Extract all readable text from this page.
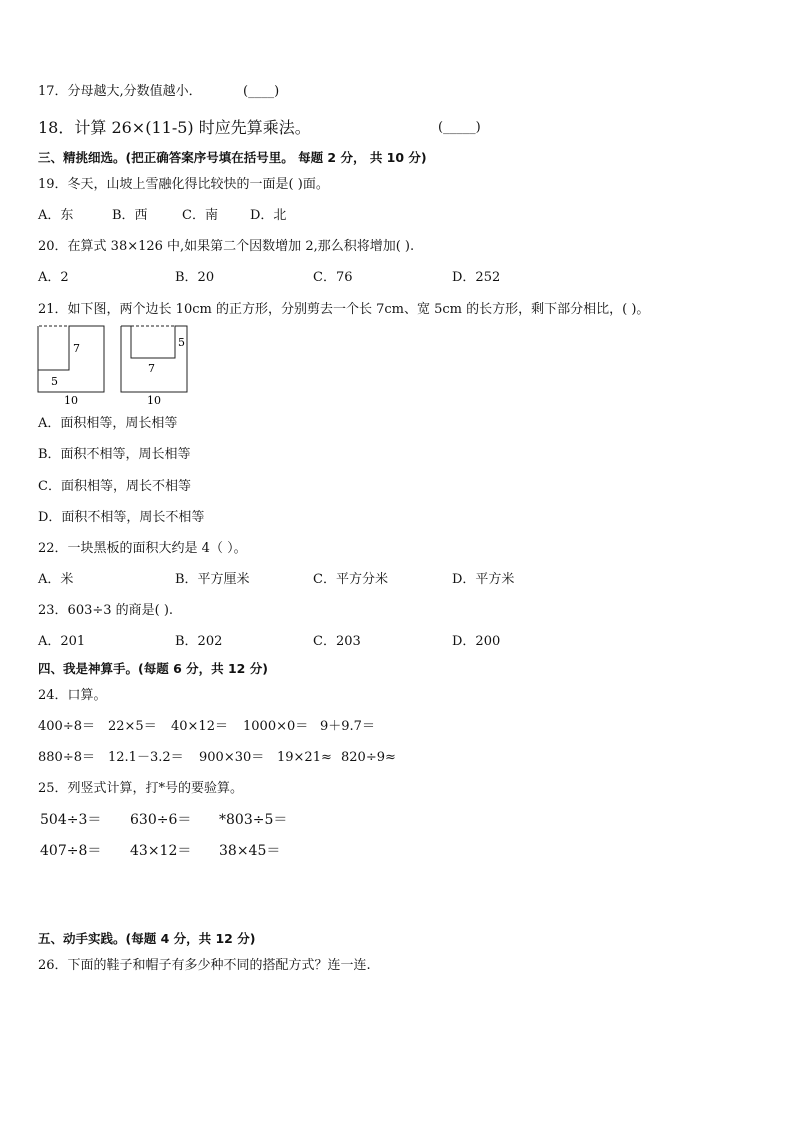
17．分母越大,分数值越小．	(____)
18．计算 26×(11-5) 时应先算乘法。	(_____)
三、精挑细选。(把正确答案序号填在括号里。 每题 2 分， 共 10 分)
19．冬天，山坡上雪融化得比较快的一面是( )面。
A．东	B．西	C．南 D．北
20．在算式 38×126 中,如果第二个因数增加 2,那么积将增加( ).
A．2	B．20	C．76	D．252
21．如下图，两个边长 10cm 的正方形，分别剪去一个长 7cm、宽 5cm 的长方形，剩下部分相比，( )。
7
5
10
5
7
10
A．面积相等，周长相等
B．面积不相等，周长相等
C．面积相等，周长不相等
D．面积不相等，周长不相等
22．一块黑板的面积大约是 4（ ）。
A．米	B．平方厘米	C．平方分米	D．平方米
23．603÷3 的商是( ).
A．201	B．202	C．203	D．200
四、我是神算手。(每题 6 分，共 12 分)
24．口算。
400÷8＝ 22×5＝ 40×12＝ 1000×0＝ 9＋9.7＝
880÷8＝ 12.1－3.2＝ 900×30＝ 19×21≈ 820÷9≈
25．列竖式计算，打*号的要验算。
504÷3＝ 630÷6＝ *803÷5＝
407÷8＝ 43×12＝ 38×45＝
五、动手实践。(每题 4 分，共 12 分)
26．下面的鞋子和帽子有多少种不同的搭配方式？连一连.
